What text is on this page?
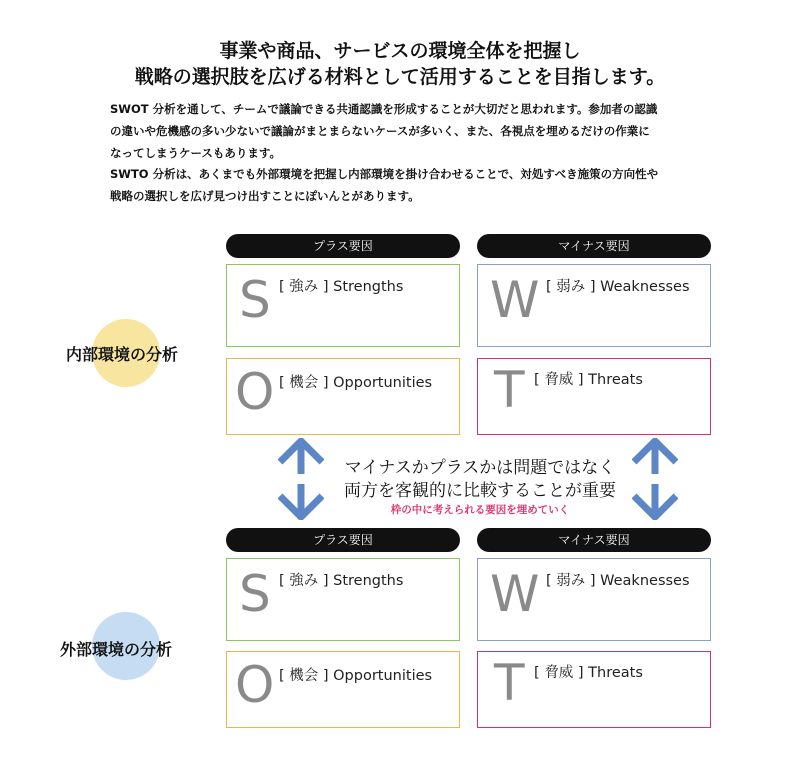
事業や商品、サービスの環境全体を把握し
戦略の選択肢を広げる材料として活用することを目指します。
SWOT 分析を通して、チームで議論できる共通認識を形成することが大切だと思われます。参加者の認識
の違いや危機感の多い少ないで議論がまとまらないケースが多いく、また、各視点を埋めるだけの作業に
なってしまうケースもあります。
SWTO 分析は、あくまでも外部環境を把握し内部環境を掛け合わせることで、対処すべき施策の方向性や
戦略の選択しを広げ見つけ出すことにぽいんとがあります。
プラス要因	マイナス要因
内部環境の分析
S [ 強み ] Strengths W [ 弱み ] Weaknesses
O [ 機会 ] Opportunities T [ 脅威 ] Threats
マイナスかプラスかは問題ではなく
両方を客観的に比較することが重要
枠の中に考えられる要因を埋めていく
プラス要因	マイナス要因
外部環境の分析
S [ 強み ] Strengths W [ 弱み ] Weaknesses
O [ 機会 ] Opportunities T [ 脅威 ] Threats
